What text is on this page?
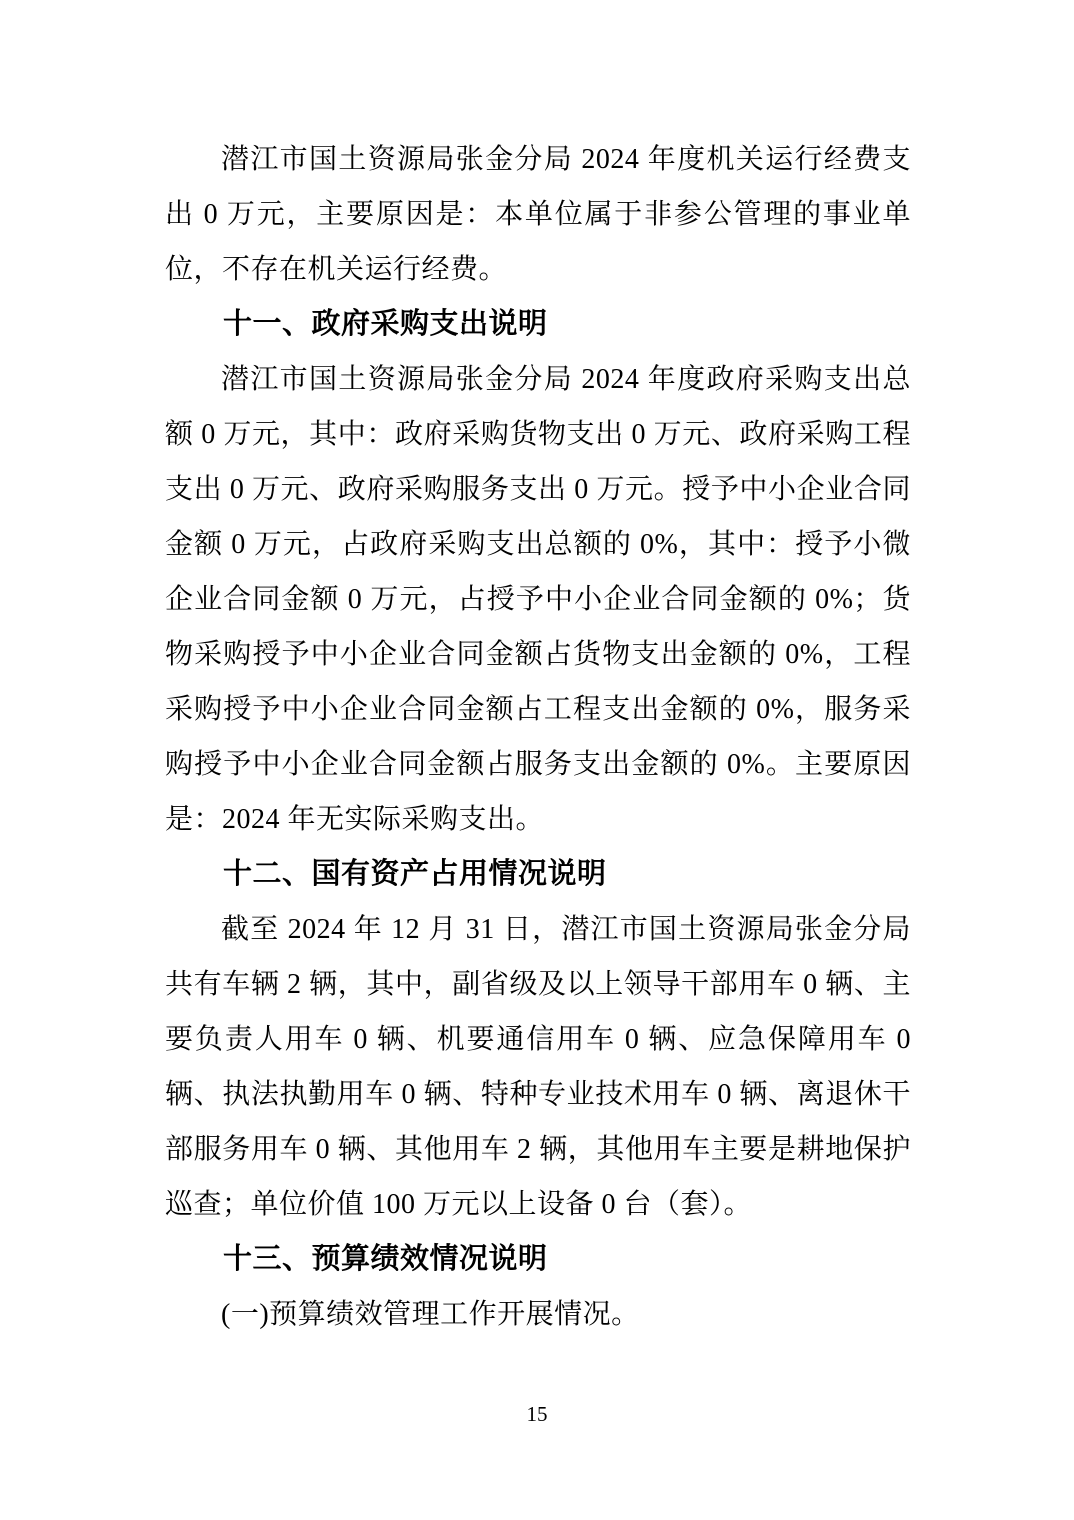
潜江市国土资源局张金分局 2024 年度机关运行经费支出 0 万元，主要原因是：本单位属于非参公管理的事业单位，不存在机关运行经费。

十一、政府采购支出说明

潜江市国土资源局张金分局 2024 年度政府采购支出总额 0 万元，其中：政府采购货物支出 0 万元、政府采购工程支出 0 万元、政府采购服务支出 0 万元。授予中小企业合同金额 0 万元，占政府采购支出总额的 0%，其中：授予小微企业合同金额 0 万元，占授予中小企业合同金额的 0%；货物采购授予中小企业合同金额占货物支出金额的 0%，工程采购授予中小企业合同金额占工程支出金额的 0%，服务采购授予中小企业合同金额占服务支出金额的 0%。主要原因是：2024 年无实际采购支出。

十二、国有资产占用情况说明

截至 2024 年 12 月 31 日，潜江市国土资源局张金分局共有车辆 2 辆，其中，副省级及以上领导干部用车 0 辆、主要负责人用车 0 辆、机要通信用车 0 辆、应急保障用车 0 辆、执法执勤用车 0 辆、特种专业技术用车 0 辆、离退休干部服务用车 0 辆、其他用车 2 辆，其他用车主要是耕地保护巡查；单位价值 100 万元以上设备 0 台（套）。

十三、预算绩效情况说明

(一)预算绩效管理工作开展情况。

15
